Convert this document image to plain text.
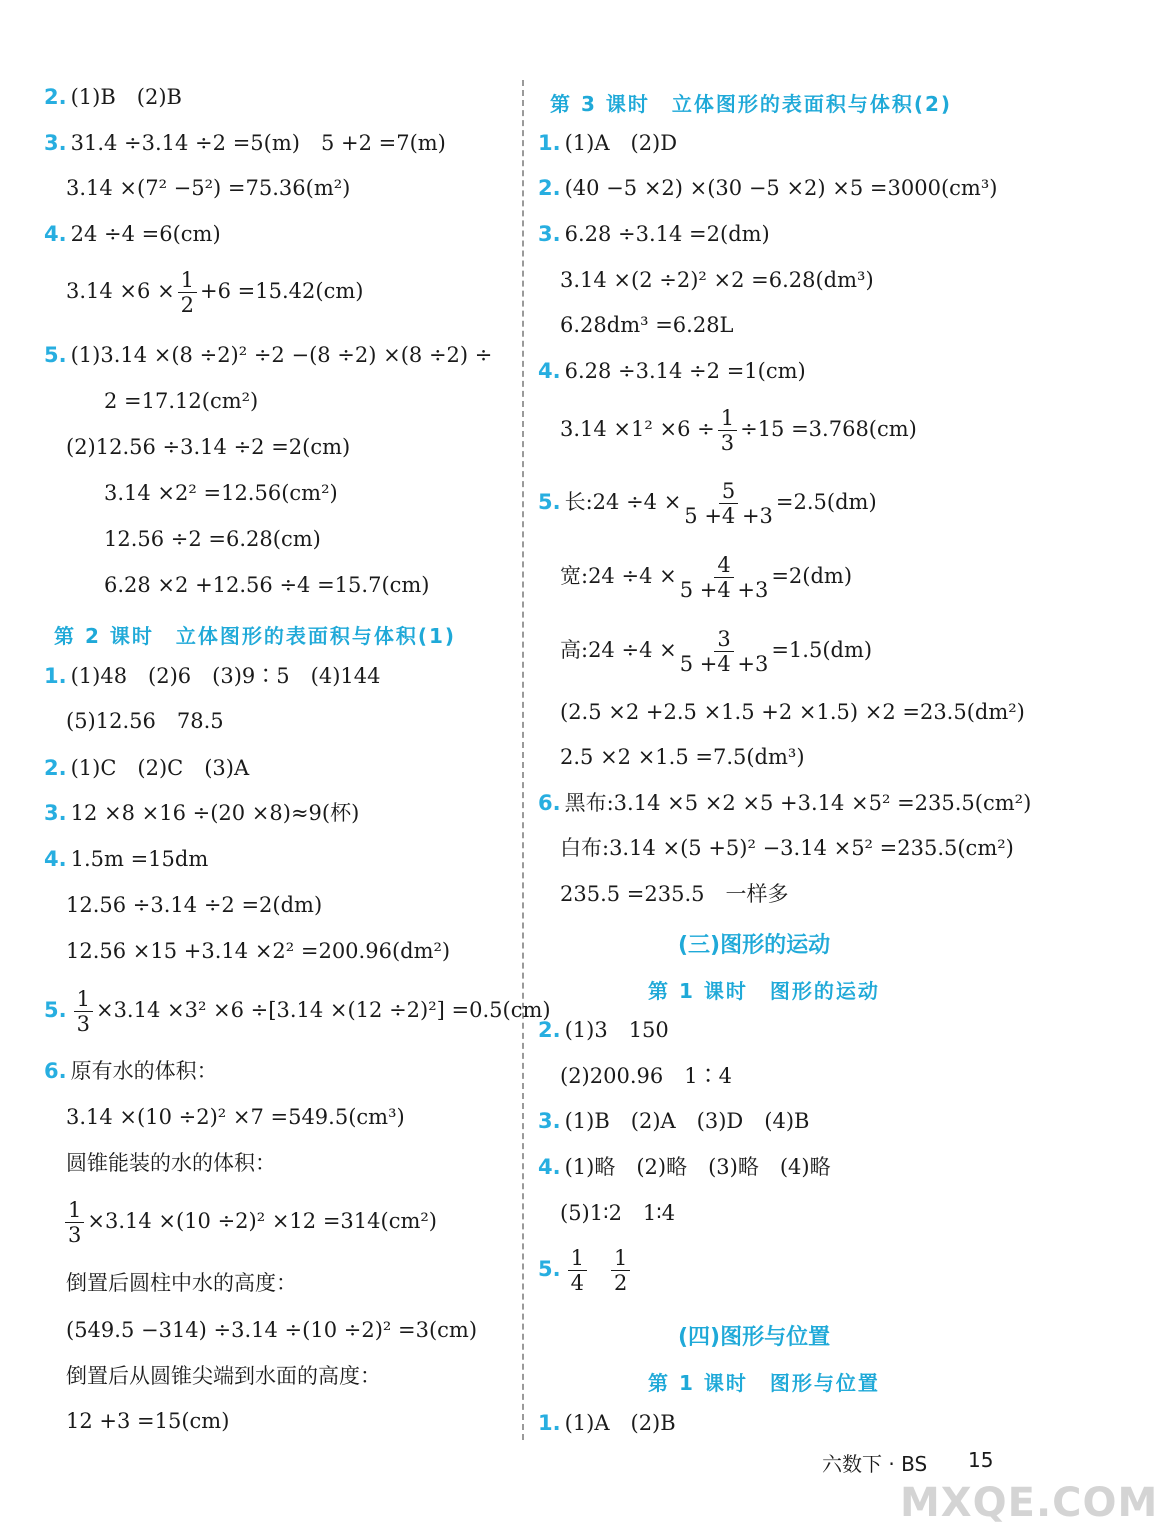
2. (1)B　(2)B
3. 31.4 ÷3.14 ÷2 =5(m)　5 +2 =7(m)
3.14 ×(7² −5²) =75.36(m²)
4. 24 ÷4 =6(cm)
$3.14 \times 6 \times \frac{1}{2} +6 =15.42(cm)$
5. (1)3.14 ×(8 ÷2)² ÷2 −(8 ÷2) ×(8 ÷2) ÷
2 =17.12(cm²)
(2)12.56 ÷3.14 ÷2 =2(cm)
3.14 ×2² =12.56(cm²)
12.56 ÷2 =6.28(cm)
6.28 ×2 +12.56 ÷4 =15.7(cm)
第 2 课时　立体图形的表面积与体积(1)
1. (1)48　(2)6　(3)9∶5　(4)144
(5)12.56　78.5
2. (1)C　(2)C　(3)A
3. 12 ×8 ×16 ÷(20 ×8)≈9(杯)
4. 1.5m =15dm
12.56 ÷3.14 ÷2 =2(dm)
12.56 ×15 +3.14 ×2² =200.96(dm²)
5. $\frac{1}{3} \times 3.14 \times 3^2 \times 6 \div[3.14 \times(12 \div 2)^2] =0.5(cm)$
6. 原有水的体积：
3.14 ×(10 ÷2)² ×7 =549.5(cm³)
圆锥能装的水的体积：
$\frac{1}{3} \times 3.14 \times(10 \div 2)^2 \times 12 =314(cm^2)$
倒置后圆柱中水的高度：
(549.5 −314) ÷3.14 ÷(10 ÷2)² =3(cm)
倒置后从圆锥尖端到水面的高度：
12 +3 =15(cm)
第 3 课时　立体图形的表面积与体积(2)
1. (1)A　(2)D
2. (40 −5 ×2) ×(30 −5 ×2) ×5 =3000(cm³)
3. 6.28 ÷3.14 =2(dm)
3.14 ×(2 ÷2)² ×2 =6.28(dm³)
6.28dm³ =6.28L
4. 6.28 ÷3.14 ÷2 =1(cm)
$3.14 \times 1^2 \times 6 \div \frac{1}{3} \div 15 =3.768(cm)$
5. 长:24 $\div 4 \times \frac{5}{5 +4 +3} =2.5(dm)$
宽:24 $\div 4 \times \frac{4}{5 +4 +3} =2(dm)$
高:24 $\div 4 \times \frac{3}{5 +4 +3} =1.5(dm)$
(2.5 ×2 +2.5 ×1.5 +2 ×1.5) ×2 =23.5(dm²)
2.5 ×2 ×1.5 =7.5(dm³)
6. 黑布:3.14 ×5 ×2 ×5 +3.14 ×5² =235.5(cm²)
白布:3.14 ×(5 +5)² −3.14 ×5² =235.5(cm²)
235.5 =235.5　一样多
(三)图形的运动
第 1 课时　图形的运动
2. (1)3　150
(2)200.96　1∶4
3. (1)B　(2)A　(3)D　(4)B
4. (1)略　(2)略　(3)略　(4)略
(5)1∶2　1∶4
5. $\frac{1}{4} \frac{1}{2}$
(四)图形与位置
第 1 课时　图形与位置
1. (1)A　(2)B
六数下 · BS 15
MXQE.COM
